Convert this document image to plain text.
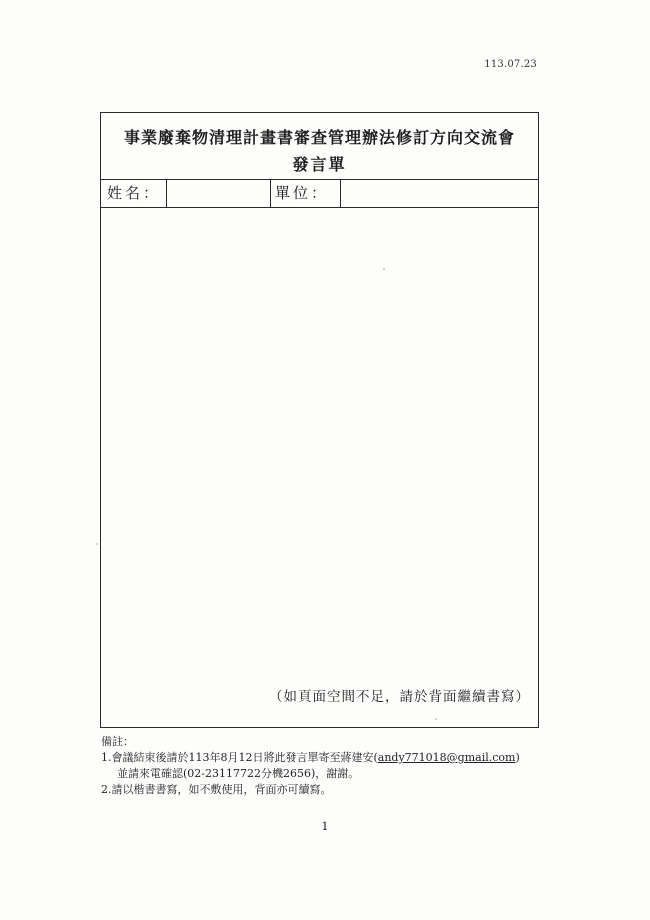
113.07.23
事業廢棄物清理計畫書審查管理辦法修訂方向交流會
發言單
姓名：	單位：
（如頁面空間不足，請於背面繼續書寫）
備註：
1.會議結束後請於113年8月12日將此發言單寄至蔣建安(andy771018@gmail.com)
並請來電確認(02-23117722分機2656)，謝謝。
2.請以楷書書寫，如不敷使用，背面亦可續寫。
1
